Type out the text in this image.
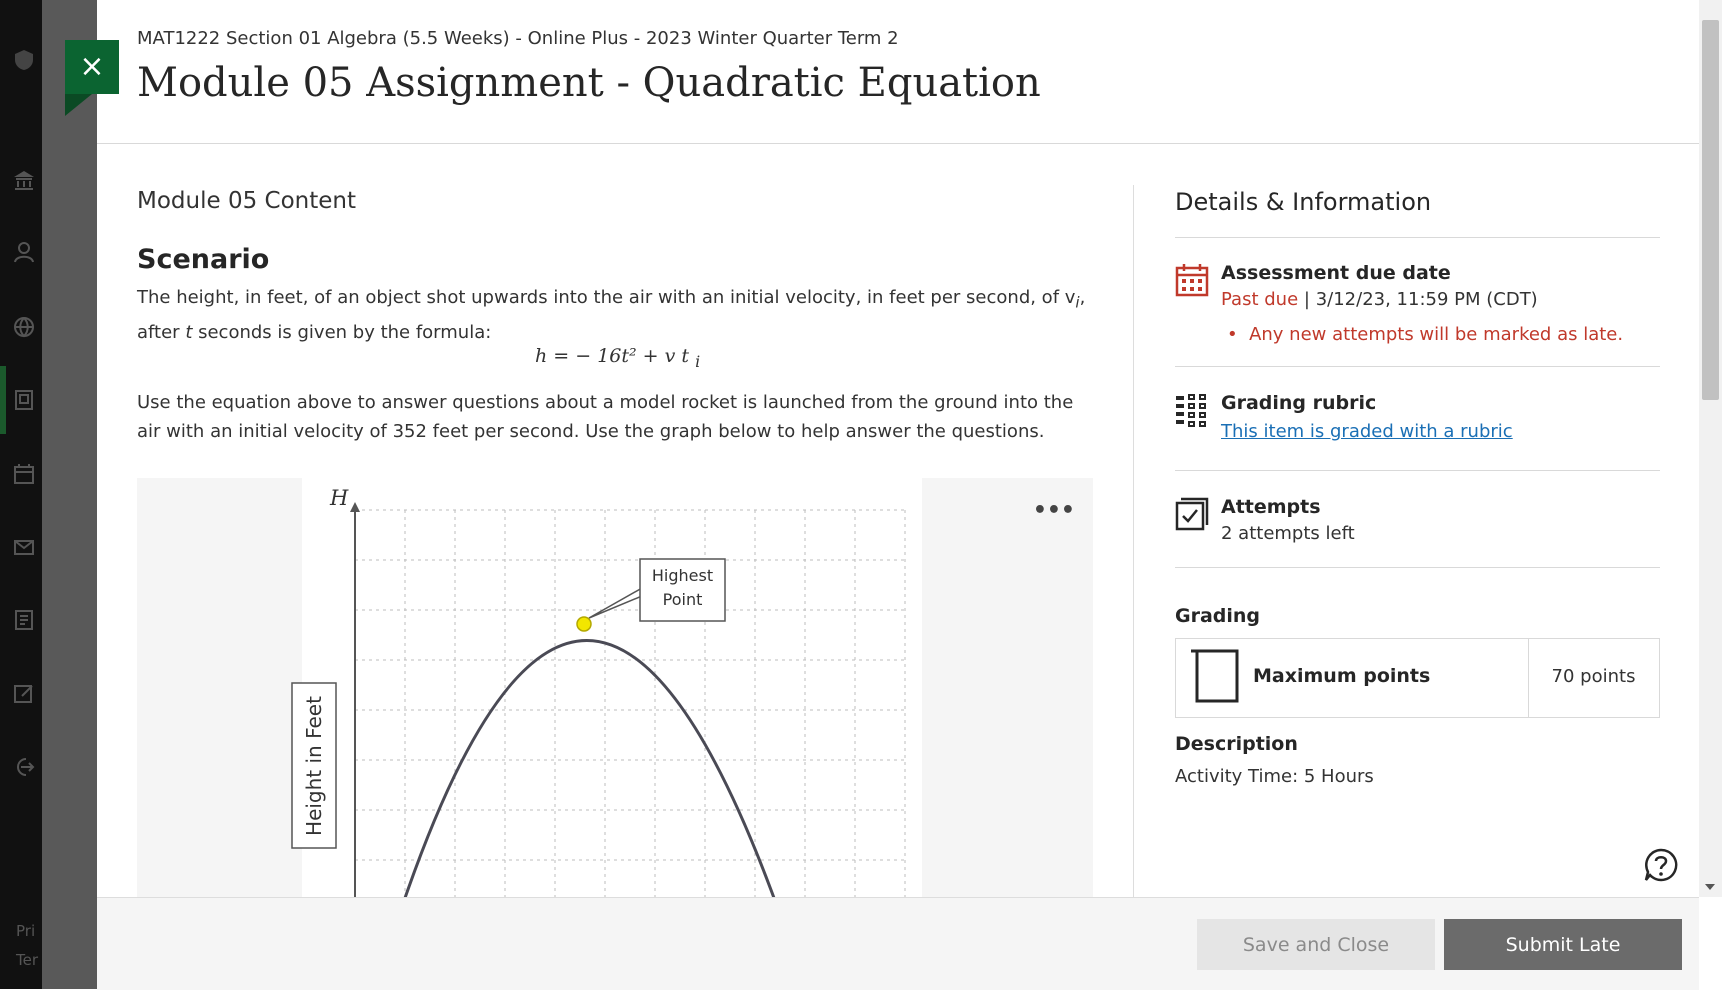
Pri
Ter
×
MAT1222 Section 01 Algebra (5.5 Weeks) - Online Plus - 2023 Winter Quarter Term 2
Module 05 Assignment - Quadratic Equation
Module 05 Content
Scenario
The height, in feet, of an object shot upwards into the air with an initial velocity, in feet per second, of $v_i$,
after t seconds is given by the formula:
h = − 16t² + v t $_i$
Use the equation above to answer questions about a model rocket is launched from the ground into the air with an initial velocity of 352 feet per second. Use the graph below to help answer the questions.
H
Highest
Point
Height in Feet
•••
Details & Information
Assessment due date
Past due | 3/12/23, 11:59 PM (CDT)
• Any new attempts will be marked as late.
Grading rubric
This item is graded with a rubric
Attempts
2 attempts left
Grading
Maximum points	70 points
Description
Activity Time: 5 Hours
Save and Close	Submit Late
